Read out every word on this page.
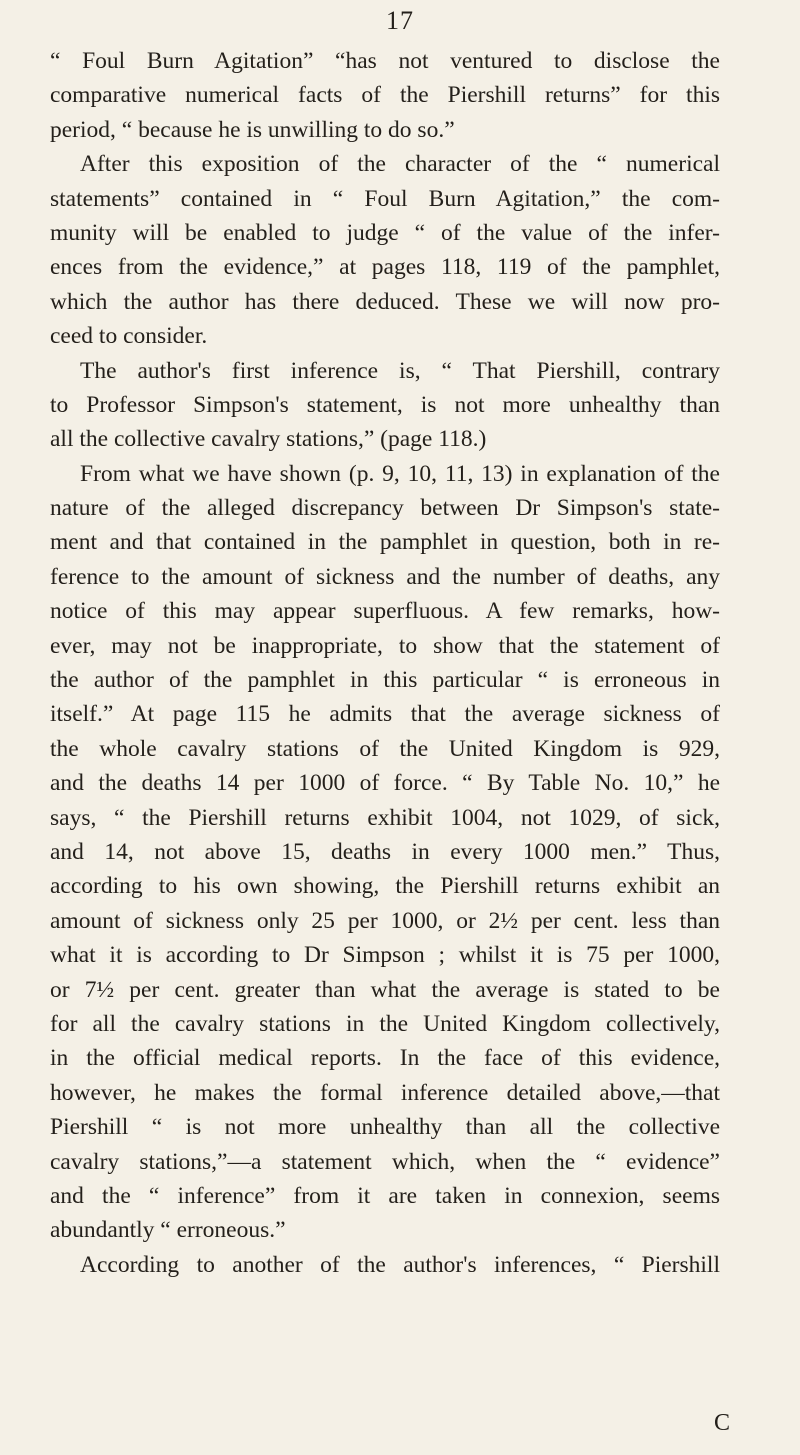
17
“ Foul Burn Agitation” “has not ventured to disclose the
comparative numerical facts of the Piershill returns” for this
period, “ because he is unwilling to do so.”
After this exposition of the character of the “ numerical
statements” contained in “ Foul Burn Agitation,” the com-
munity will be enabled to judge “ of the value of the infer-
ences from the evidence,” at pages 118, 119 of the pamphlet,
which the author has there deduced. These we will now pro-
ceed to consider.
The author's first inference is, “ That Piershill, contrary
to Professor Simpson's statement, is not more unhealthy than
all the collective cavalry stations,” (page 118.)
From what we have shown (p. 9, 10, 11, 13) in explanation of the
nature of the alleged discrepancy between Dr Simpson's state-
ment and that contained in the pamphlet in question, both in re-
ference to the amount of sickness and the number of deaths, any
notice of this may appear superfluous. A few remarks, how-
ever, may not be inappropriate, to show that the statement of
the author of the pamphlet in this particular “ is erroneous in
itself.” At page 115 he admits that the average sickness of
the whole cavalry stations of the United Kingdom is 929,
and the deaths 14 per 1000 of force. “ By Table No. 10,” he
says, “ the Piershill returns exhibit 1004, not 1029, of sick,
and 14, not above 15, deaths in every 1000 men.” Thus,
according to his own showing, the Piershill returns exhibit an
amount of sickness only 25 per 1000, or 2½ per cent. less than
what it is according to Dr Simpson ; whilst it is 75 per 1000,
or 7½ per cent. greater than what the average is stated to be
for all the cavalry stations in the United Kingdom collectively,
in the official medical reports. In the face of this evidence,
however, he makes the formal inference detailed above,—that
Piershill “ is not more unhealthy than all the collective
cavalry stations,”—a statement which, when the “ evidence”
and the “ inference” from it are taken in connexion, seems
abundantly “ erroneous.”
According to another of the author's inferences, “ Piershill
C
